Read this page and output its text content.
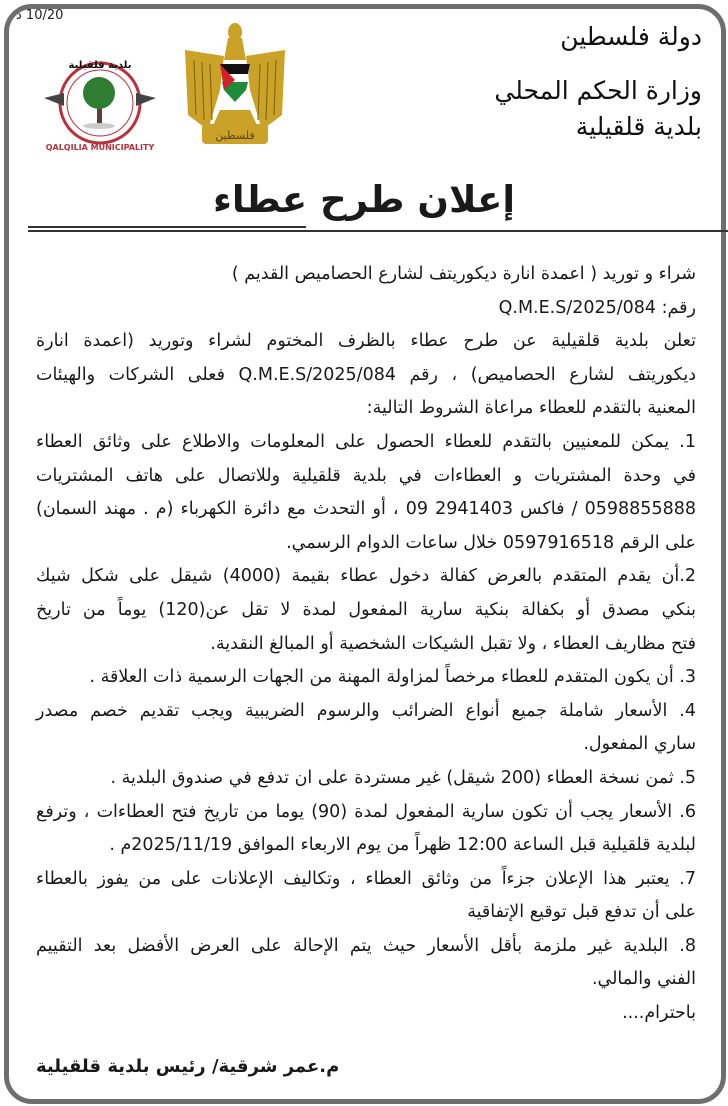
10/20 د
دولة فلسطين
وزارة الحكم المحلي
بلدية قلقيلية
فلسطين
بلدية قلقيلية
QALQILIA MUNICIPALITY
إعلان طرح عطاء
شراء و توريد ( اعمدة انارة ديكوريتف لشارع الحصاميص القديم )
رقم: Q.M.E.S/2025/084
تعلن بلدية قلقيلية عن طرح عطاء بالظرف المختوم لشراء وتوريد (اعمدة انارة
ديكوريتف لشارع الحصاميص) ، رقم Q.M.E.S/2025/084 فعلى الشركات والهيئات
المعنية بالتقدم للعطاء مراعاة الشروط التالية:
1. يمكن للمعنيين بالتقدم للعطاء الحصول على المعلومات والاطلاع على وثائق العطاء
في وحدة المشتريات و العطاءات في بلدية قلقيلية وللاتصال على هاتف المشتريات
0598855888 / فاكس 2941403 09 ، أو التحدث مع دائرة الكهرباء (م . مهند السمان)
على الرقم 0597916518 خلال ساعات الدوام الرسمي.
2.أن يقدم المتقدم بالعرض كفالة دخول عطاء بقيمة (4000) شيقل على شكل شيك
بنكي مصدق أو بكفالة بنكية سارية المفعول لمدة لا تقل عن(120) يوماً من تاريخ
فتح مظاريف العطاء ، ولا تقبل الشيكات الشخصية أو المبالغ النقدية.
3. أن يكون المتقدم للعطاء مرخصاً لمزاولة المهنة من الجهات الرسمية ذات العلاقة .
4. الأسعار شاملة جميع أنواع الضرائب والرسوم الضريبية ويجب تقديم خصم مصدر
ساري المفعول.
5. ثمن نسخة العطاء (200 شيقل) غير مستردة على ان تدفع في صندوق البلدية .
6. الأسعار يجب أن تكون سارية المفعول لمدة (90) يوما من تاريخ فتح العطاءات ، وترفع
لبلدية قلقيلية قبل الساعة 12:00 ظهراً من يوم الاربعاء الموافق 2025/11/19م .
7. يعتبر هذا الإعلان جزءاً من وثائق العطاء ، وتكاليف الإعلانات على من يفوز بالعطاء
على أن تدفع قبل توقيع الإتفاقية
8. البلدية غير ملزمة بأقل الأسعار حيث يتم الإحالة على العرض الأفضل بعد التقييم
الفني والمالي.
باحترام....
م.عمر شرقية/ رئيس بلدية قلقيلية
